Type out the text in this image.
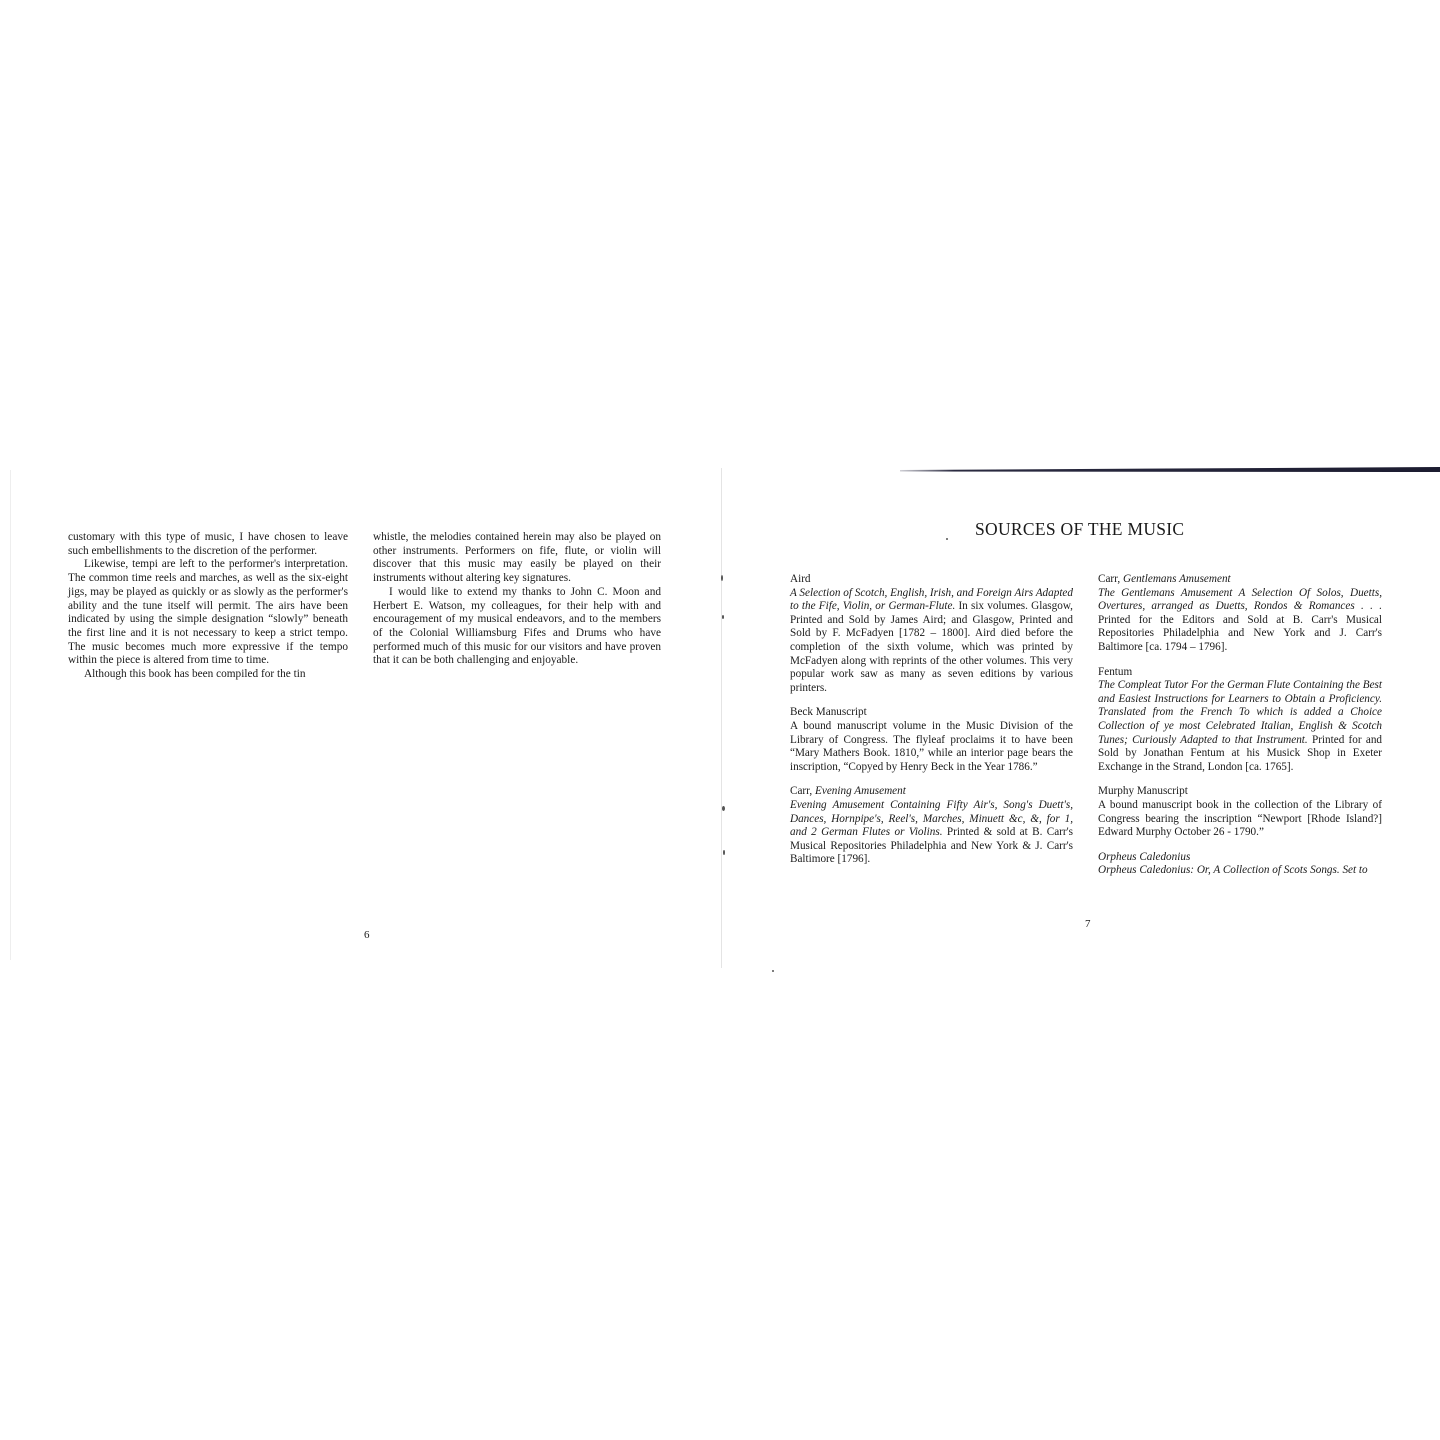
customary with this type of music, I have chosen to leave such embellishments to the discretion of the performer.

Likewise, tempi are left to the performer's interpretation. The common time reels and marches, as well as the six-eight jigs, may be played as quickly or as slowly as the performer's ability and the tune itself will permit. The airs have been indicated by using the simple designation “slowly” beneath the first line and it is not necessary to keep a strict tempo. The music becomes much more expressive if the tempo within the piece is altered from time to time.

Although this book has been compiled for the tin

whistle, the melodies contained herein may also be played on other instruments. Performers on fife, flute, or violin will discover that this music may easily be played on their instruments without altering key signatures.

I would like to extend my thanks to John C. Moon and Herbert E. Watson, my colleagues, for their help with and encouragement of my musical endeavors, and to the members of the Colonial Williamsburg Fifes and Drums who have performed much of this music for our visitors and have proven that it can be both challenging and enjoyable.

6
SOURCES OF THE MUSIC
Aird
A Selection of Scotch, English, Irish, and Foreign Airs Adapted to the Fife, Violin, or German-Flute. In six volumes. Glasgow, Printed and Sold by James Aird; and Glasgow, Printed and Sold by F. McFadyen [1782 – 1800]. Aird died before the completion of the sixth volume, which was printed by McFadyen along with reprints of the other volumes. This very popular work saw as many as seven editions by various printers.
Beck Manuscript
A bound manuscript volume in the Music Division of the Library of Congress. The flyleaf proclaims it to have been “Mary Mathers Book. 1810,” while an interior page bears the inscription, “Copyed by Henry Beck in the Year 1786.”
Carr, Evening Amusement
Evening Amusement Containing Fifty Air's, Song's Duett's, Dances, Hornpipe's, Reel's, Marches, Minuett &c, &, for 1, and 2 German Flutes or Violins. Printed & sold at B. Carr's Musical Repositories Philadelphia and New York & J. Carr's Baltimore [1796].
Carr, Gentlemans Amusement
The Gentlemans Amusement A Selection Of Solos, Duetts, Overtures, arranged as Duetts, Rondos & Romances . . . Printed for the Editors and Sold at B. Carr's Musical Repositories Philadelphia and New York and J. Carr's Baltimore [ca. 1794 – 1796].
Fentum
The Compleat Tutor For the German Flute Containing the Best and Easiest Instructions for Learners to Obtain a Proficiency. Translated from the French To which is added a Choice Collection of ye most Celebrated Italian, English & Scotch Tunes; Curiously Adapted to that Instrument. Printed for and Sold by Jonathan Fentum at his Musick Shop in Exeter Exchange in the Strand, London [ca. 1765].
Murphy Manuscript
A bound manuscript book in the collection of the Library of Congress bearing the inscription “Newport [Rhode Island?] Edward Murphy October 26 - 1790.”
Orpheus Caledonius
Orpheus Caledonius: Or, A Collection of Scots Songs. Set to
7
